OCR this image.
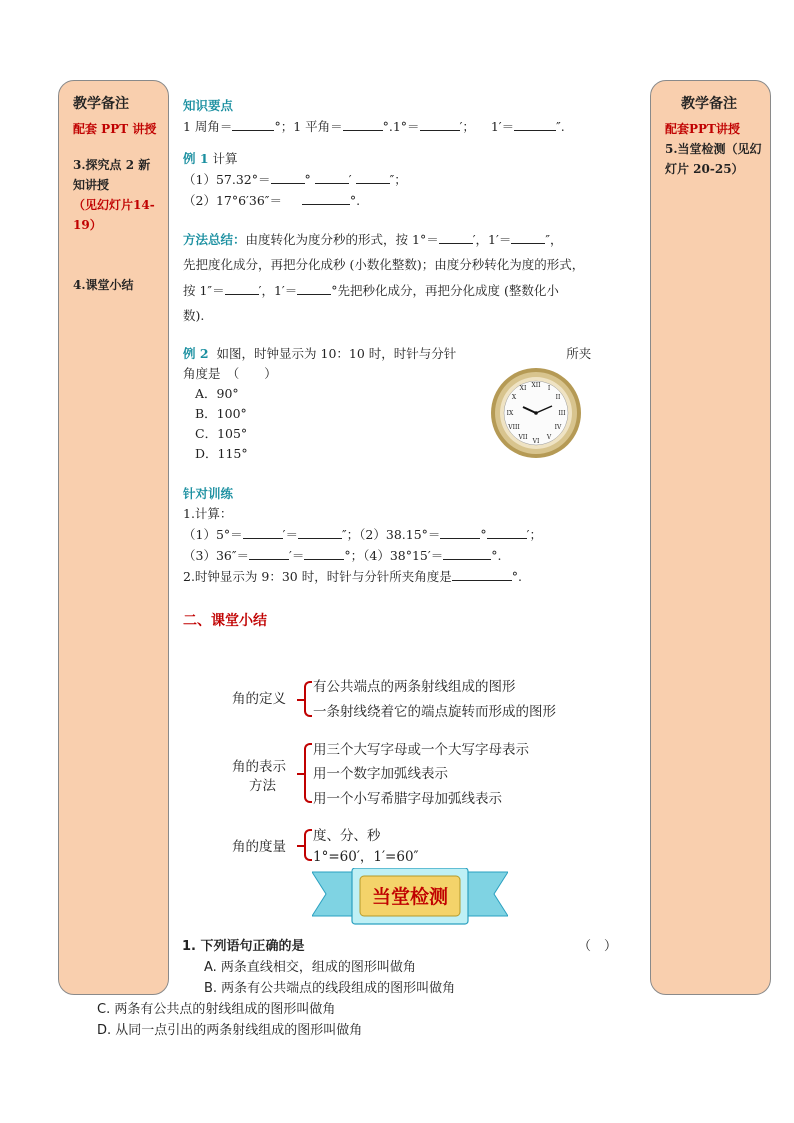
教学备注

配套 PPT 讲授

3.探究点 2 新知讲授

（见幻灯片14-19）

4.课堂小结

教学备注

配套PPT讲授

5.当堂检测（见幻灯片 20-25）

知识要点
1 周角＝	°；1 平角＝	°.1°＝	′； 1′＝	″.
例 1 计算
（1）57.32°＝	°	′	″；
（2）17°6′36″＝	°.
方法总结：由度转化为度分秒的形式，按 1°＝	′，1′＝	″，
先把度化成分，再把分化成秒 (小数化整数)；由度分秒转化为度的形式，
按 1″＝	′，1′＝	°先把秒化成分，再把分化成度 (整数化小
数).
例 2 如图，时钟显示为 10：10 时，时针与分针	所夹
角度是　（　　）
A．90°
B．100°
C．105°
D．115°
针对训练
1.计算：
（1）5°＝	′＝	″；（2）38.15°＝	°	′；
（3）36″＝	′＝	°；（4）38°15′＝	°.
2.时钟显示为 9：30 时，时针与分针所夹角度是	°.
二、课堂小结
XII I
II
III
IV
V
VI
VII
VIII
IX
X
XI
角的定义
有公共端点的两条射线组成的图形
一条射线绕着它的端点旋转而形成的图形
角的表示
方法
用三个大写字母或一个大写字母表示
用一个数字加弧线表示
用一个小写希腊字母加弧线表示
角的度量
度、分、秒
1°=60′，1′=60″
当堂检测
1. 下列语句正确的是	（　）
A. 两条直线相交，组成的图形叫做角
B. 两条有公共端点的线段组成的图形叫做角
C. 两条有公共点的射线组成的图形叫做角
D. 从同一点引出的两条射线组成的图形叫做角
